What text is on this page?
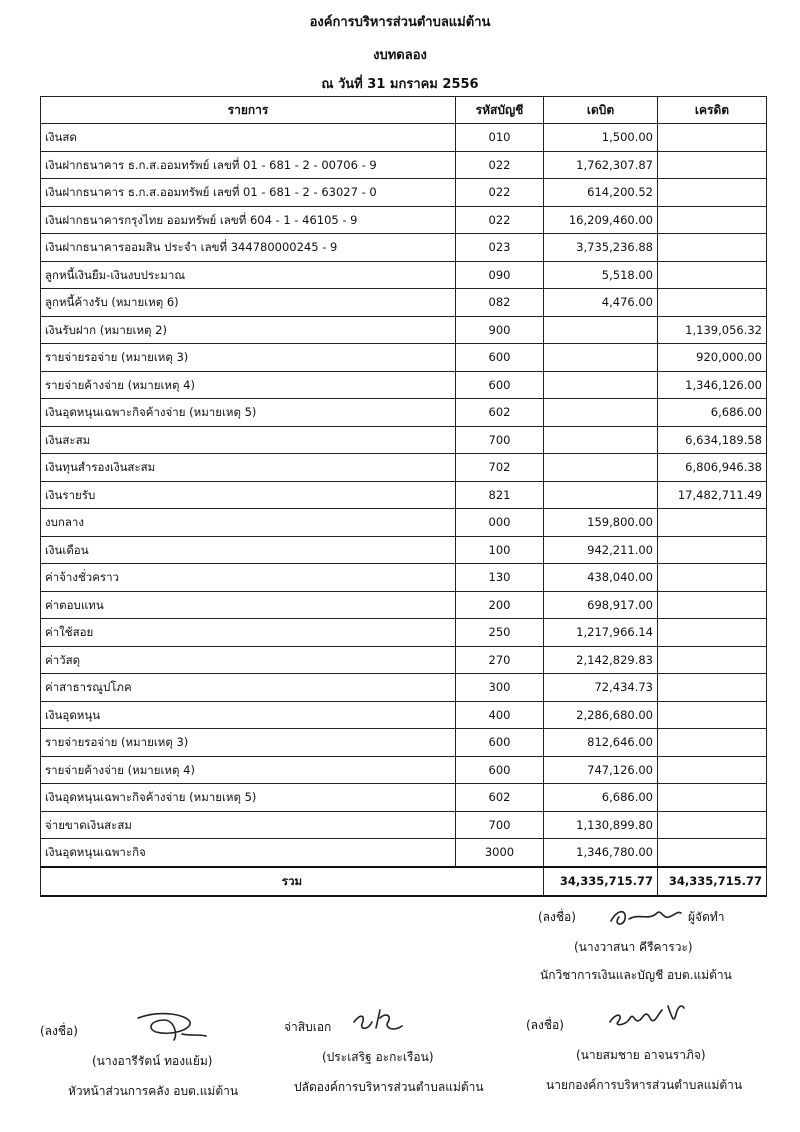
องค์การบริหารส่วนตำบลแม่ต้าน
งบทดลอง
ณ วันที่ 31 มกราคม 2556
รายการ	รหัสบัญชี	เดบิต	เครดิต
เงินสด	010	1,500.00	
เงินฝากธนาคาร ธ.ก.ส.ออมทรัพย์ เลขที่ 01 - 681 - 2 - 00706 - 9	022	1,762,307.87	
เงินฝากธนาคาร ธ.ก.ส.ออมทรัพย์ เลขที่ 01 - 681 - 2 - 63027 - 0	022	614,200.52	
เงินฝากธนาคารกรุงไทย ออมทรัพย์ เลขที่ 604 - 1 - 46105 - 9	022	16,209,460.00	
เงินฝากธนาคารออมสิน ประจำ เลขที่ 344780000245 - 9	023	3,735,236.88	
ลูกหนี้เงินยืม-เงินงบประมาณ	090	5,518.00	
ลูกหนี้ค้างรับ (หมายเหตุ 6)	082	4,476.00	
เงินรับฝาก (หมายเหตุ 2)	900		1,139,056.32
รายจ่ายรอจ่าย (หมายเหตุ 3)	600		920,000.00
รายจ่ายค้างจ่าย (หมายเหตุ 4)	600		1,346,126.00
เงินอุดหนุนเฉพาะกิจค้างจ่าย (หมายเหตุ 5)	602		6,686.00
เงินสะสม	700		6,634,189.58
เงินทุนสำรองเงินสะสม	702		6,806,946.38
เงินรายรับ	821		17,482,711.49
งบกลาง	000	159,800.00	
เงินเดือน	100	942,211.00	
ค่าจ้างชั่วคราว	130	438,040.00	
ค่าตอบแทน	200	698,917.00	
ค่าใช้สอย	250	1,217,966.14	
ค่าวัสดุ	270	2,142,829.83	
ค่าสาธารณูปโภค	300	72,434.73	
เงินอุดหนุน	400	2,286,680.00	
รายจ่ายรอจ่าย (หมายเหตุ 3)	600	812,646.00	
รายจ่ายค้างจ่าย (หมายเหตุ 4)	600	747,126.00	
เงินอุดหนุนเฉพาะกิจค้างจ่าย (หมายเหตุ 5)	602	6,686.00	
จ่ายขาดเงินสะสม	700	1,130,899.80	
เงินอุดหนุนเฉพาะกิจ	3000	1,346,780.00	
รวม		34,335,715.77	34,335,715.77
(ลงชื่อ)	ผู้จัดทำ
(นางวาสนา คีรีคารวะ)
นักวิชาการเงินและบัญชี อบต.แม่ต้าน
(ลงชื่อ)
(นางอารีรัตน์ ทองแย้ม)
หัวหน้าส่วนการคลัง อบต.แม่ต้าน
จ่าสิบเอก
(ประเสริฐ อะกะเรือน)
ปลัดองค์การบริหารส่วนตำบลแม่ต้าน
(ลงชื่อ)
(นายสมชาย อาจนราภิจ)
นายกองค์การบริหารส่วนตำบลแม่ต้าน
